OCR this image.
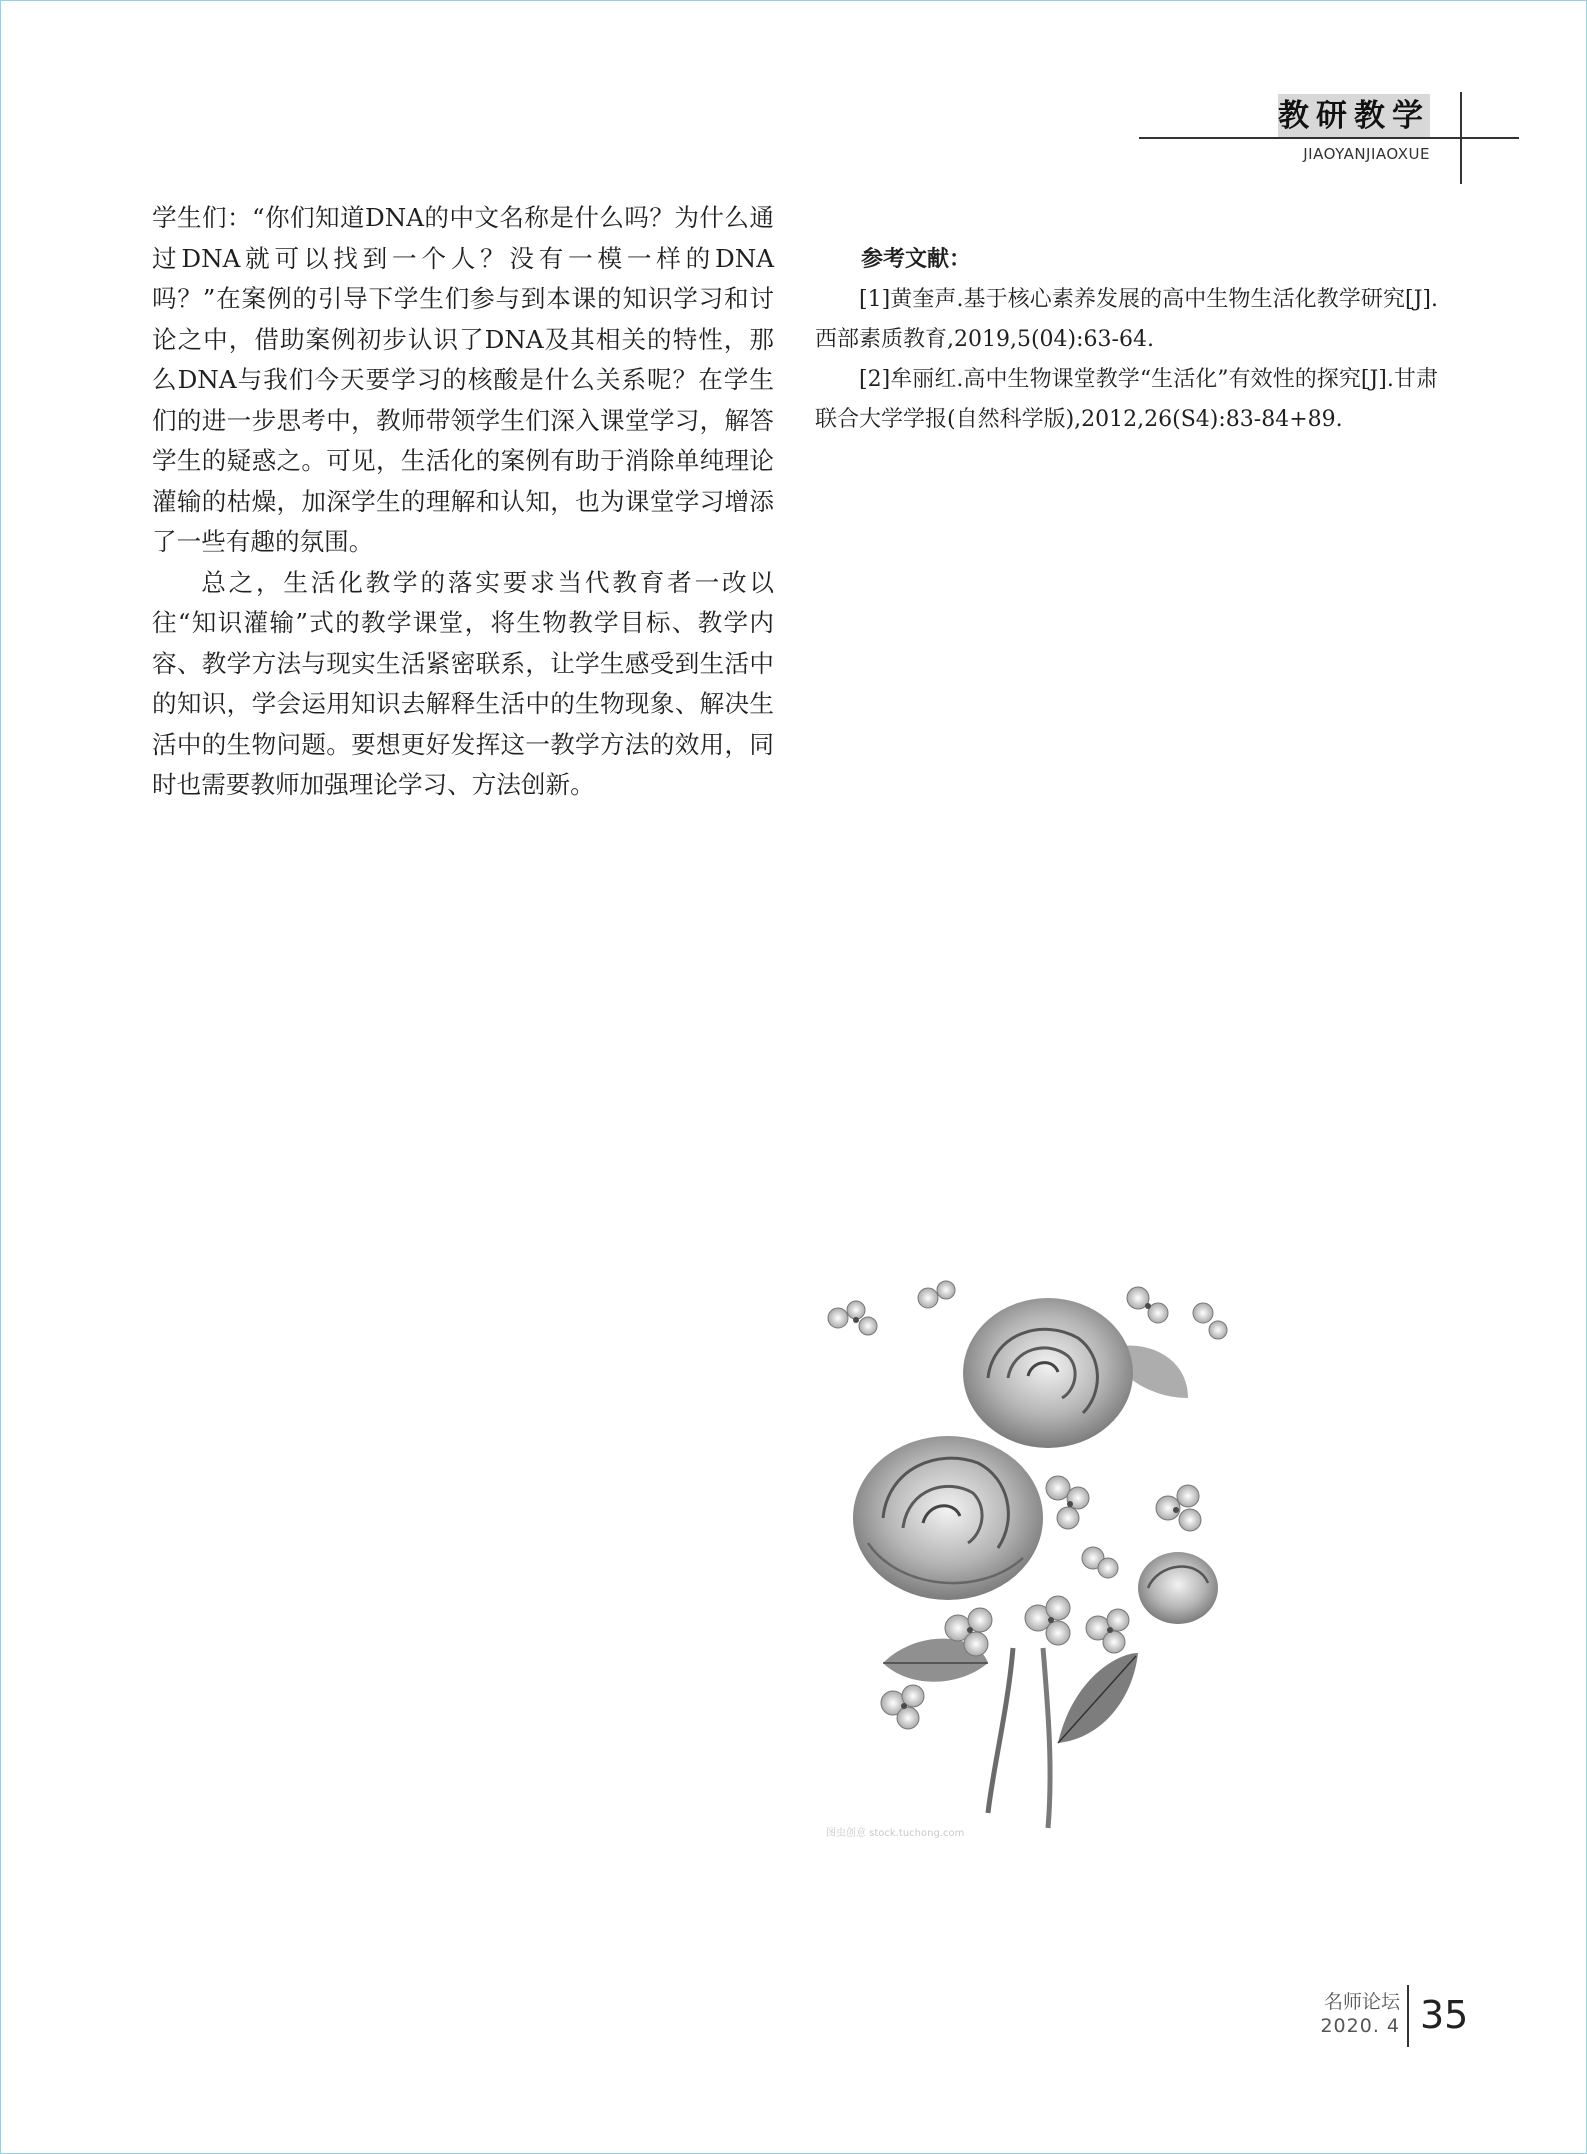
教研教学
JIAOYANJIAOXUE

学生们：“你们知道DNA的中文名称是什么吗？为什么通过DNA就可以找到一个人？没有一模一样的DNA吗？”在案例的引导下学生们参与到本课的知识学习和讨论之中，借助案例初步认识了DNA及其相关的特性，那么DNA与我们今天要学习的核酸是什么关系呢？在学生们的进一步思考中，教师带领学生们深入课堂学习，解答学生的疑惑之。可见，生活化的案例有助于消除单纯理论灌输的枯燥，加深学生的理解和认知，也为课堂学习增添了一些有趣的氛围。

总之，生活化教学的落实要求当代教育者一改以往“知识灌输”式的教学课堂，将生物教学目标、教学内容、教学方法与现实生活紧密联系，让学生感受到生活中的知识，学会运用知识去解释生活中的生物现象、解决生活中的生物问题。要想更好发挥这一教学方法的效用，同时也需要教师加强理论学习、方法创新。

参考文献：

[1]黄奎声.基于核心素养发展的高中生物生活化教学研究[J].西部素质教育,2019,5(04):63-64.

[2]牟丽红.高中生物课堂教学“生活化”有效性的探究[J].甘肃联合大学学报(自然科学版),2012,26(S4):83-84+89.

图虫创意 stock.tuchong.com
名师论坛
2020. 4 35
